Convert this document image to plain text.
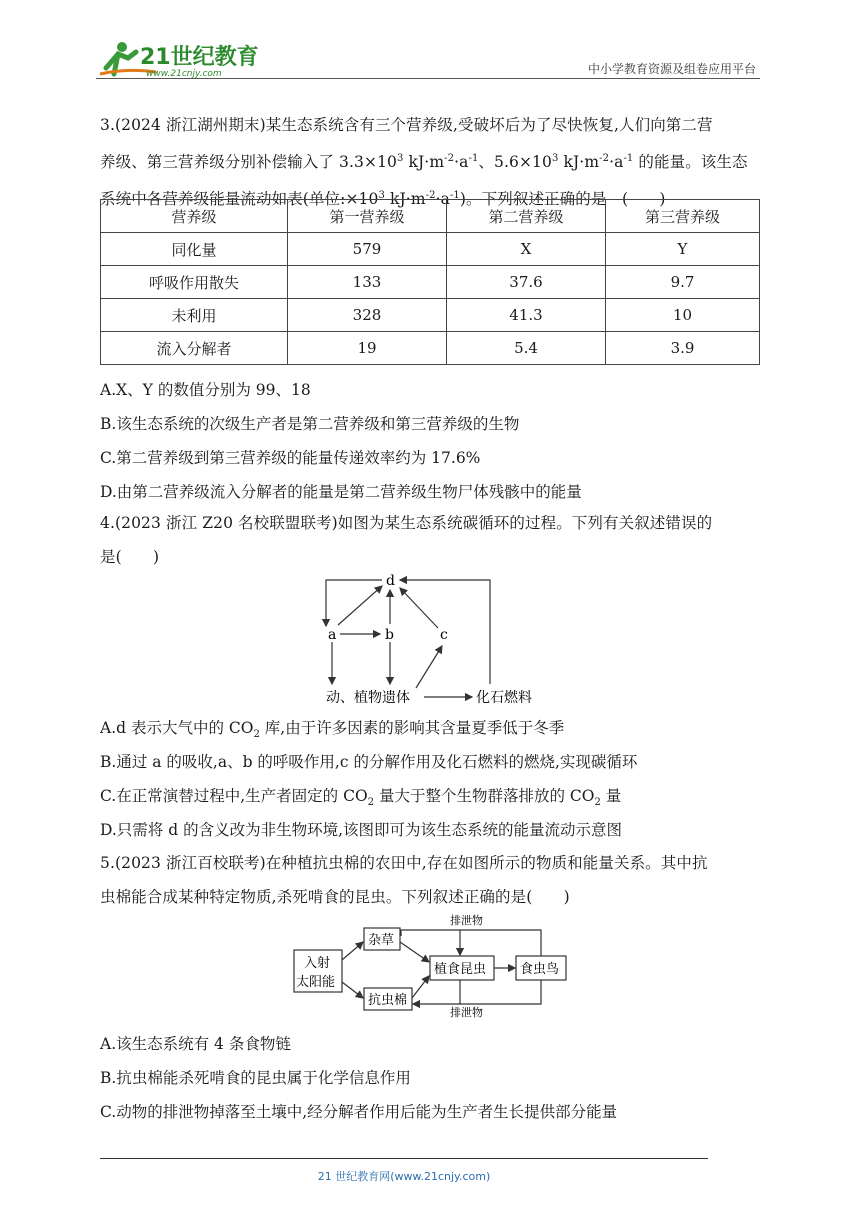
21世纪教育
www.21cnjy.com	中小学教育资源及组卷应用平台

3.(2024 浙江湖州期末)某生态系统含有三个营养级,受破坏后为了尽快恢复,人们向第二营

养级、第三营养级分别补偿输入了 $3.3\times 10^3$ $kJ\cdot m^{-2}\cdot a^{-1}$、$5.6\times 10^3$ $kJ\cdot m^{-2}\cdot a^{-1}$ 的能量。该生态

系统中各营养级能量流动如表(单位$:\times 10^3$ $kJ\cdot m^{-2}\cdot a^{-1}$)。下列叙述正确的是　(　　)

营养级	第一营养级	第二营养级	第三营养级
同化量	579	X	Y
呼吸作用散失	133	37.6	9.7
未利用	328	41.3	10
流入分解者	19	5.4	3.9
A.X、Y 的数值分别为 99、18
B.该生态系统的次级生产者是第二营养级和第三营养级的生物
C.第二营养级到第三营养级的能量传递效率约为 17.6%
D.由第二营养级流入分解者的能量是第二营养级生物尸体残骸中的能量

4.(2023 浙江 Z20 名校联盟联考)如图为某生态系统碳循环的过程。下列有关叙述错误的

是(　　)

d
a	b	c
动、植物遗体	化石燃料
A.d 表示大气中的 $CO_2$ 库,由于许多因素的影响其含量夏季低于冬季
B.通过 a 的吸收,a、b 的呼吸作用,c 的分解作用及化石燃料的燃烧,实现碳循环
C.在正常演替过程中,生产者固定的 $CO_2$ 量大于整个生物群落排放的 $CO_2$ 量
D.只需将 d 的含义改为非生物环境,该图即可为该生态系统的能量流动示意图

5.(2023 浙江百校联考)在种植抗虫棉的农田中,存在如图所示的物质和能量关系。其中抗

虫棉能合成某种特定物质,杀死啃食的昆虫。下列叙述正确的是(　　)

入射
太阳能
杂草
抗虫棉
植食昆虫	食虫鸟
排泄物
排泄物
A.该生态系统有 4 条食物链
B.抗虫棉能杀死啃食的昆虫属于化学信息作用
C.动物的排泄物掉落至土壤中,经分解者作用后能为生产者生长提供部分能量
21 世纪教育网(www.21cnjy.com)
